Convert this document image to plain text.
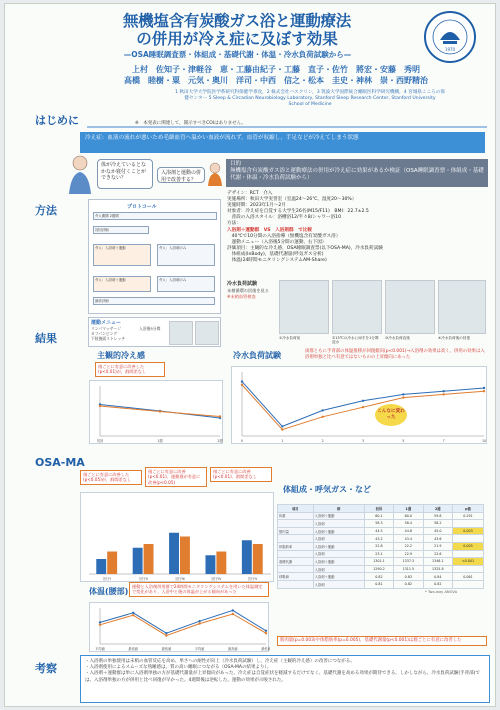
無機塩含有炭酸ガス浴と運動療法
の併用が冷え症に及ぼす効果
—OSA睡眠調査票・体組成・基礎代謝・体温・冷水負荷試験から—
上村　佐知子・津軽谷　恵・工藤由紀子・工藤　直子・佐竹　將宏・安藤　秀明
高橋　睦樹・粟　元気・奥川　洋司・中西　信之・松本　圭史・神林　崇・西野精治
1 秋田大学大学院医学系研究科保健学専攻，2 株式会社バスクリン，3 筑波大学国際統合睡眠医科学研究機構，4 宮城県こころの保
健センター 5 Sleep & Circadian Neurobiology Laboratory, Stanford Sleep Research Center, Stanford University
School of Medicine
1970
はじめに	※　本発表に関連して，開示すべきCOIはありません。
冷え症：血液の流れが悪いため毛細血管へ温かい血液が流れず，血管が収縮し，手足などが冷えてしまう状態
体が冷えているとなかなか寝付くことができない？
入浴剤と運動の併用で改善する？
目的
無機塩含有炭酸ガス浴と運動療法の併用が冷え症に効果があるか検証（OSA睡眠調査票・体組成・基礎代謝・体温・冷水負荷試験から）
方法	プロトコール
介入期間 2週間
初回評価
介入：入浴剤＋運動	介入：入浴剤のみ
介入：入浴剤＋運動	介入：入浴剤のみ
最終評価
運動メニュー
リンパマッサージ
カフパンピング
下肢後面ストレッチ
入浴後5分間
デザイン：RCT　介入
実施場所：秋田大学実習室（室温24〜26℃、湿度20〜30%）
実施時期：2023年1月〜2月
対象者：冷え症を自覚する大学生26名(M15/F11)　BMI：22.7±2.5
　普段の入浴スタイル：浴槽浴12/半々8/シャワー浴10
方法：
入浴剤＋運動群　VS　入浴剤群　で比較
　40℃で10分間の入浴指導（無機塩含有炭酸ガス浴）
　運動メニュー（入浴後5分間の運動、右下図）
評価項目：主観的な冷え感，OSA睡眠調査票(以下OSA-MA)，冷水負荷試験
　体組成(InBody)，基礎代謝量(呼気ガス分析)
　体温(24時間モニタリングシステムAM-Share)
冷水負荷試験
末梢循環の回復を見る
※末梢血管検査
①冷水負荷前	②15℃の冷水に両手を1分間浸水
③冷水負荷直後	④冷水負荷後の回復
結果
主観的冷え感
週ごとに有意に改善した(p<0.01)が，群間差なし
初回	1週	2週
冷水負荷試験	両群ともに手背部の体温推移が回復傾向(p<0.001)→入浴剤の効果は高く、併用の効果は入浴剤単独と比べ有意ではないものの上昇傾向にあった
0	1	2	3	5	7	10
こんなに変わった
OSA-MA
週ごとに有意に改善した(p<0.05)が，群間差なし
週ごとに有意に改善(p<0.01)、運動群が有意に改善(p<0.05)
週ごとに有意に改善(p<0.01)、群間差なし
因子Ⅰ	因子Ⅱ	因子Ⅲ	因子Ⅳ	因子Ⅴ
体組成・呼気ガス・など
項目	群	初回	1週	2週	p値
体重	入浴剤＋運動	60.1	60.0	59.8	0.291
	入浴剤	58.3	58.4	58.2	
筋肉量	入浴剤＋運動	44.5	44.8	45.0	0.003
	入浴剤	43.2	43.4	43.6	
体脂肪率	入浴剤＋運動	22.8	22.2	21.9	0.005
	入浴剤	23.1	22.9	22.6	
基礎代謝	入浴剤＋運動	1301.1	1337.3	1346.1	<0.001
	入浴剤	1290.2	1311.5	1325.8	
呼吸商	入浴剤＋運動	0.82	0.83	0.84	0.061
	入浴剤	0.81	0.82	0.82	
* Two-way ANOVA
筋肉量(p=0.003)や体脂肪率(p=0.005)，基礎代謝量(p<0.001)は週ごとに有意に改善した
体温(腰部)
運動と入浴剤併用群で24時間モニタリングシステムを用いた体温測定で変化があり、入浴中と後の体温が上がる傾向があった
平均値	最高値	最低値	平均値	最高値	最低値
考察
・入浴剤の単独使用は末梢の血管反応を高め、単さへの耐性が向上（冷水負荷試験）し、冷え症（主観的冷え感）の改善につながる。
・入浴剤使用によるスムーズな熟睡感は，質の高い睡眠につながる（OSA-MAの結果より）。
・入浴剤＋運動群は単に入浴剤単独の方が基礎代謝量が上昇傾向があった。冷え症は自覚症状を軽減するだけでなく、基礎代謝を高める効果が期待できる。しかしながら、冷水負荷試験(手背部)では、入浴剤単独の方が併用と比べ回復が早かった。4週間後は逆転した。運動の効果が示唆された。
